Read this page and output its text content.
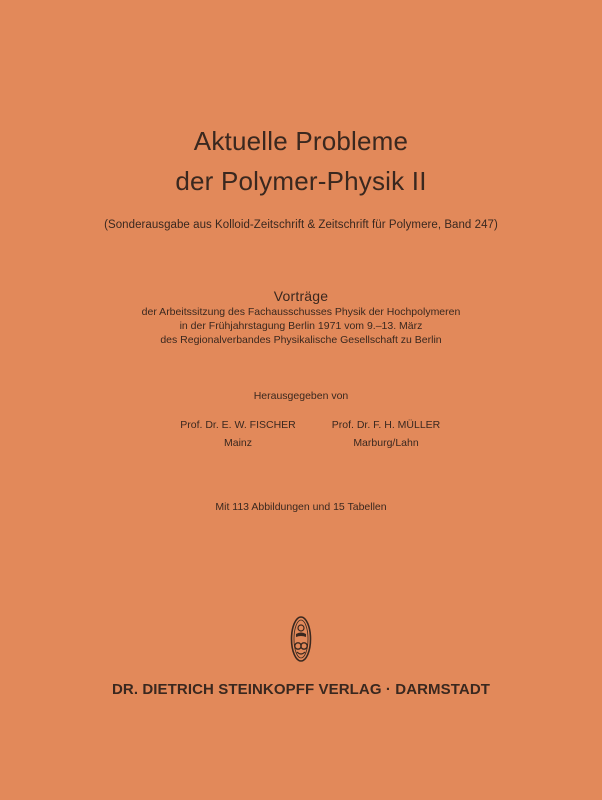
Aktuelle Probleme
der Polymer-Physik II

(Sonderausgabe aus Kolloid-Zeitschrift & Zeitschrift für Polymere, Band 247)

Vorträge

der Arbeitssitzung des Fachausschusses Physik der Hochpolymeren

in der Frühjahrstagung Berlin 1971 vom 9.–13. März

des Regionalverbandes Physikalische Gesellschaft zu Berlin

Herausgegeben von

Prof. Dr. E. W. FISCHER
Mainz
Prof. Dr. F. H. MÜLLER
Marburg/Lahn

Mit 113 Abbildungen und 15 Tabellen

DR. DIETRICH STEINKOPFF VERLAG · DARMSTADT
